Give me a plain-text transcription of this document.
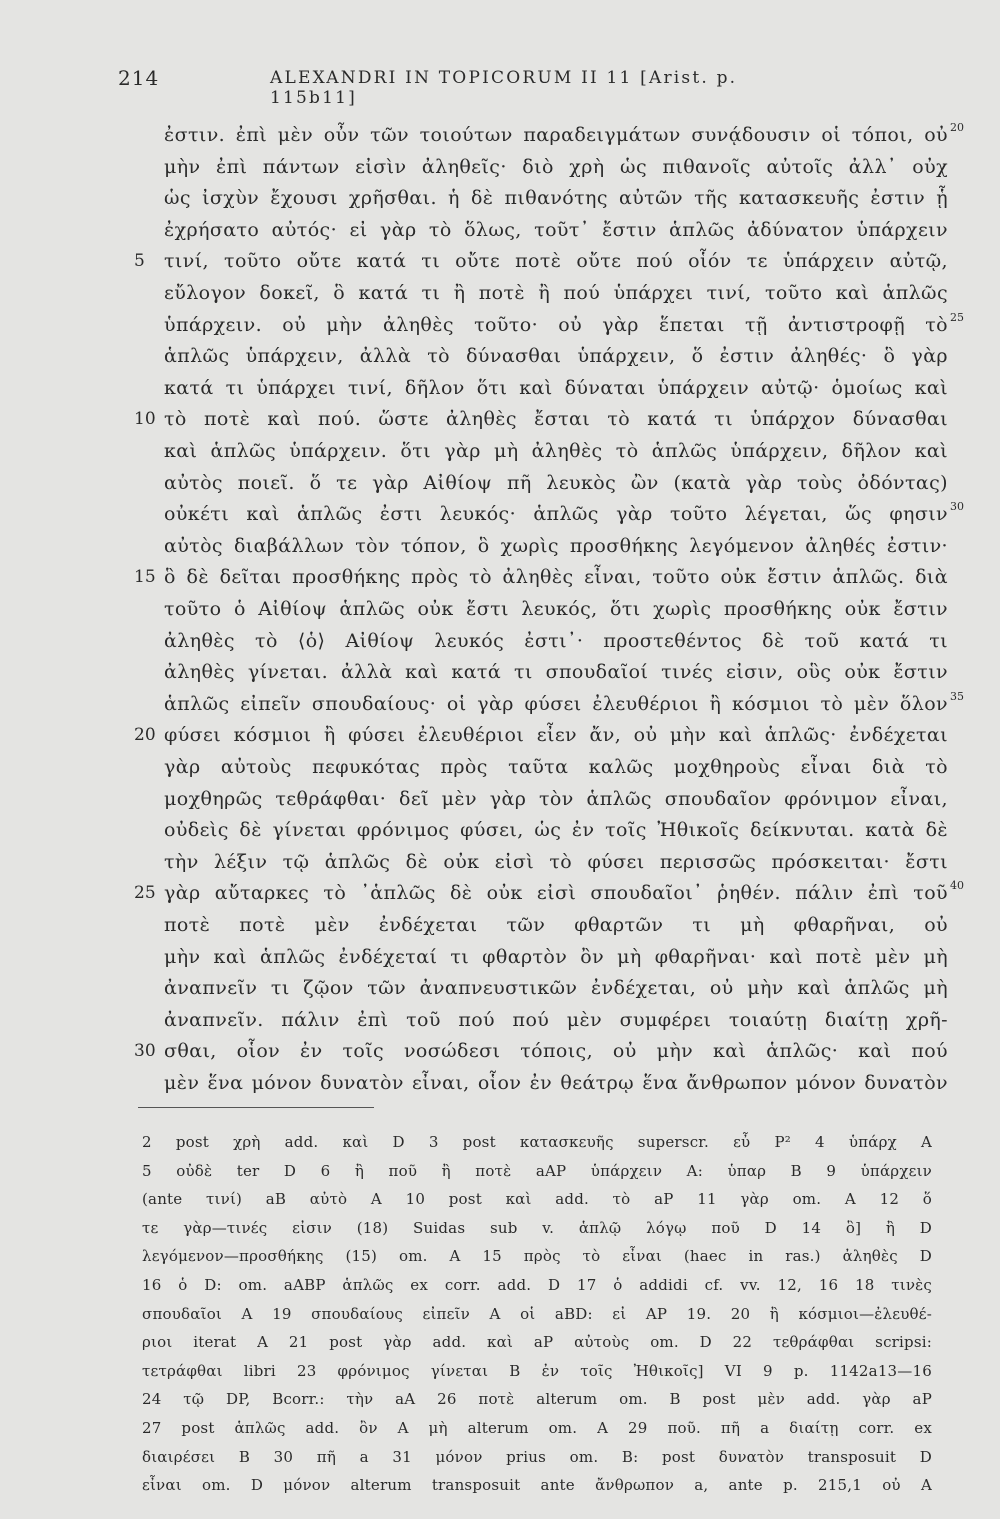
214	ALEXANDRI IN TOPICORUM II 11 [Arist. p. 115b11]
ἐστιν. ἐπὶ μὲν οὖν τῶν τοιούτων παραδειγμάτων συνᾴδουσιν οἱ τόποι, οὐ 20
μὴν ἐπὶ πάντων εἰσὶν ἀληθεῖς· διὸ χρὴ ὡς πιθανοῖς αὐτοῖς ἀλλ᾽ οὐχ
ὡς ἰσχὺν ἔχουσι χρῆσθαι. ἡ δὲ πιθανότης αὐτῶν τῆς κατασκευῆς ἐστιν ᾗ
ἐχρήσατο αὐτός· εἰ γὰρ τὸ ὅλως, τοῦτ᾽ ἔστιν ἁπλῶς ἀδύνατον ὑπάρχειν
τινί, τοῦτο οὔτε κατά τι οὔτε ποτὲ οὔτε πού οἷόν τε ὑπάρχειν αὐτῷ,
5
εὔλογον δοκεῖ, ὃ κατά τι ἢ ποτὲ ἢ πού ὑπάρχει τινί, τοῦτο καὶ ἁπλῶς
ὑπάρχειν. οὐ μὴν ἀληθὲς τοῦτο· οὐ γὰρ ἕπεται τῇ ἀντιστροφῇ τὸ 25
ἁπλῶς ὑπάρχειν, ἀλλὰ τὸ δύνασθαι ὑπάρχειν, ὅ ἐστιν ἀληθές· ὃ γὰρ
κατά τι ὑπάρχει τινί, δῆλον ὅτι καὶ δύναται ὑπάρχειν αὐτῷ· ὁμοίως καὶ
τὸ ποτὲ καὶ πού. ὥστε ἀληθὲς ἔσται τὸ κατά τι ὑπάρχον δύνασθαι
10
καὶ ἁπλῶς ὑπάρχειν. ὅτι γὰρ μὴ ἀληθὲς τὸ ἁπλῶς ὑπάρχειν, δῆλον καὶ
αὐτὸς ποιεῖ. ὅ τε γὰρ Αἰθίοψ πῆ λευκὸς ὢν (κατὰ γὰρ τοὺς ὀδόντας)
οὐκέτι καὶ ἁπλῶς ἐστι λευκός· ἁπλῶς γὰρ τοῦτο λέγεται, ὥς φησιν 30
αὐτὸς διαβάλλων τὸν τόπον, ὃ χωρὶς προσθήκης λεγόμενον ἀληθές ἐστιν·
ὃ δὲ δεῖται προσθήκης πρὸς τὸ ἀληθὲς εἶναι, τοῦτο οὐκ ἔστιν ἁπλῶς. διὰ
15
τοῦτο ὁ Αἰθίοψ ἁπλῶς οὐκ ἔστι λευκός, ὅτι χωρὶς προσθήκης οὐκ ἔστιν
ἀληθὲς τὸ ⟨ὁ⟩ Αἰθίοψ λευκός ἐστι᾽· προστεθέντος δὲ τοῦ κατά τι
ἀληθὲς γίνεται. ἀλλὰ καὶ κατά τι σπουδαῖοί τινές εἰσιν, οὓς οὐκ ἔστιν
ἁπλῶς εἰπεῖν σπουδαίους· οἱ γὰρ φύσει ἐλευθέριοι ἢ κόσμιοι τὸ μὲν ὅλον 35
φύσει κόσμιοι ἢ φύσει ἐλευθέριοι εἶεν ἄν, οὐ μὴν καὶ ἁπλῶς· ἐνδέχεται
20
γὰρ αὐτοὺς πεφυκότας πρὸς ταῦτα καλῶς μοχθηροὺς εἶναι διὰ τὸ
μοχθηρῶς τεθράφθαι· δεῖ μὲν γὰρ τὸν ἁπλῶς σπουδαῖον φρόνιμον εἶναι,
οὐδεὶς δὲ γίνεται φρόνιμος φύσει, ὡς ἐν τοῖς Ἠθικοῖς δείκνυται. κατὰ δὲ
τὴν λέξιν τῷ ἁπλῶς δὲ οὐκ εἰσὶ τὸ φύσει περισσῶς πρόσκειται· ἔστι
γὰρ αὔταρκες τὸ ᾽ἁπλῶς δὲ οὐκ εἰσὶ σπουδαῖοι᾽ ῥηθέν. πάλιν ἐπὶ τοῦ
25	40
ποτὲ ποτὲ μὲν ἐνδέχεται τῶν φθαρτῶν τι μὴ φθαρῆναι, οὐ
μὴν καὶ ἁπλῶς ἐνδέχεταί τι φθαρτὸν ὂν μὴ φθαρῆναι· καὶ ποτὲ μὲν μὴ
ἀναπνεῖν τι ζῷον τῶν ἀναπνευστικῶν ἐνδέχεται, οὐ μὴν καὶ ἁπλῶς μὴ
ἀναπνεῖν. πάλιν ἐπὶ τοῦ πού πού μὲν συμφέρει τοιαύτῃ διαίτῃ χρῆ-
σθαι, οἷον ἐν τοῖς νοσώδεσι τόποις, οὐ μὴν καὶ ἁπλῶς· καὶ πού
30
μὲν ἕνα μόνον δυνατὸν εἶναι, οἷον ἐν θεάτρῳ ἕνα ἄνθρωπον μόνον δυνατὸν
2 post χρὴ add. καὶ D 3 post κατασκευῆς superscr. εὖ P² 4 ὑπάρχ A
5 οὐδὲ ter D 6 ἢ ποῦ ἢ ποτὲ aAP ὑπάρχειν A: ὑπαρ B 9 ὑπάρχειν
(ante τινί) aB αὐτὸ A 10 post καὶ add. τὸ aP 11 γὰρ om. A 12 ὅ
τε γὰρ—τινές εἰσιν (18) Suidas sub v. ἁπλῷ λόγῳ ποῦ D 14 ὃ] ἢ D
λεγόμενον—προσθήκης (15) om. A 15 πρὸς τὸ εἶναι (haec in ras.) ἀληθὲς D
16 ὁ D: om. aABP ἁπλῶς ex corr. add. D 17 ὁ addidi cf. vv. 12, 16 18 τινὲς
σπουδαῖοι A 19 σπουδαίους εἰπεῖν A οἱ aBD: εἰ AP 19. 20 ἢ κόσμιοι—ἐλευθέ-
ριοι iterat A 21 post γὰρ add. καὶ aP αὐτοὺς om. D 22 τεθράφθαι scripsi:
τετράφθαι libri 23 φρόνιμος γίνεται B ἐν τοῖς Ἠθικοῖς] VI 9 p. 1142a13—16
24 τῷ DP, Bcorr.: τὴν aA 26 ποτὲ alterum om. B post μὲν add. γὰρ aP
27 post ἁπλῶς add. ὂν A μὴ alterum om. A 29 ποῦ. πῆ a διαίτῃ corr. ex
διαιρέσει B 30 πῆ a 31 μόνον prius om. B: post δυνατὸν transposuit D
εἶναι om. D μόνον alterum transposuit ante ἄνθρωπον a, ante p. 215,1 οὐ A
